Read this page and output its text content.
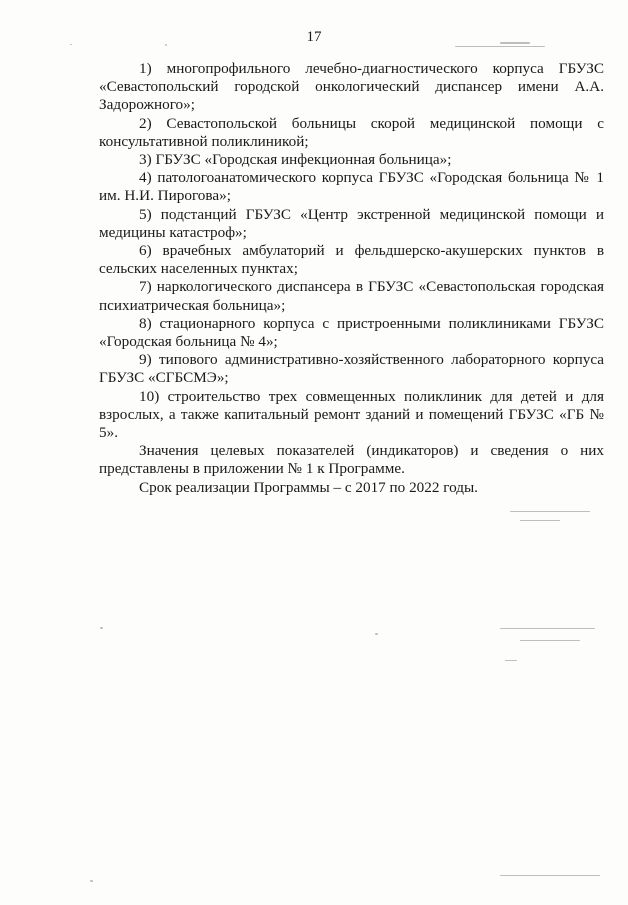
17

1) многопрофильного лечебно-диагностического корпуса ГБУЗС «Севастопольский городской онкологический диспансер имени А.А. Задорожного»;

2) Севастопольской больницы скорой медицинской помощи с консультативной поликлиникой;

3) ГБУЗС «Городская инфекционная больница»;

4) патологоанатомического корпуса ГБУЗС «Городская больница № 1 им. Н.И. Пирогова»;

5) подстанций ГБУЗС «Центр экстренной медицинской помощи и медицины катастроф»;

6) врачебных амбулаторий и фельдшерско-акушерских пунктов в сельских населенных пунктах;

7) наркологического диспансера в ГБУЗС «Севастопольская городская психиатрическая больница»;

8) стационарного корпуса с пристроенными поликлиниками ГБУЗС «Городская больница № 4»;

9) типового административно-хозяйственного лабораторного корпуса ГБУЗС «СГБСМЭ»;

10) строительство трех совмещенных поликлиник для детей и для взрослых, а также капитальный ремонт зданий и помещений ГБУЗС «ГБ № 5».

Значения целевых показателей (индикаторов) и сведения о них представлены в приложении № 1 к Программе.

Срок реализации Программы – с 2017 по 2022 годы.
